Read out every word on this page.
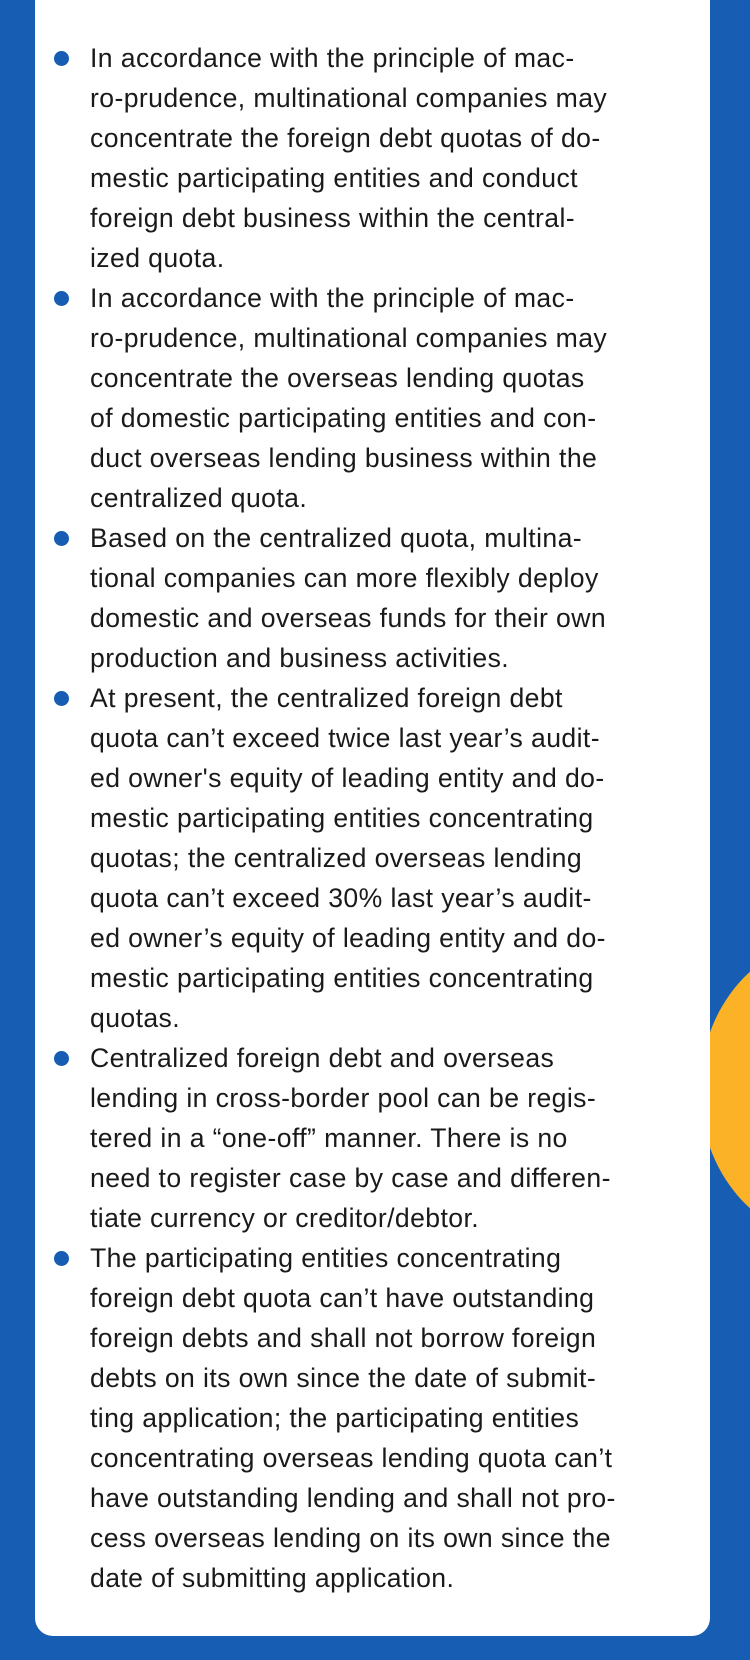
In accordance with the principle of mac-
ro-prudence, multinational companies may
concentrate the foreign debt quotas of do-
mestic participating entities and conduct
foreign debt business within the central-
ized quota.
In accordance with the principle of mac-
ro-prudence, multinational companies may
concentrate the overseas lending quotas
of domestic participating entities and con-
duct overseas lending business within the
centralized quota.
Based on the centralized quota, multina-
tional companies can more flexibly deploy
domestic and overseas funds for their own
production and business activities.
At present, the centralized foreign debt
quota can’t exceed twice last year’s audit-
ed owner's equity of leading entity and do-
mestic participating entities concentrating
quotas; the centralized overseas lending
quota can’t exceed 30% last year’s audit-
ed owner’s equity of leading entity and do-
mestic participating entities concentrating
quotas.
Centralized foreign debt and overseas
lending in cross-border pool can be regis-
tered in a “one-off” manner. There is no
need to register case by case and differen-
tiate currency or creditor/debtor.
The participating entities concentrating
foreign debt quota can’t have outstanding
foreign debts and shall not borrow foreign
debts on its own since the date of submit-
ting application; the participating entities
concentrating overseas lending quota can’t
have outstanding lending and shall not pro-
cess overseas lending on its own since the
date of submitting application.
